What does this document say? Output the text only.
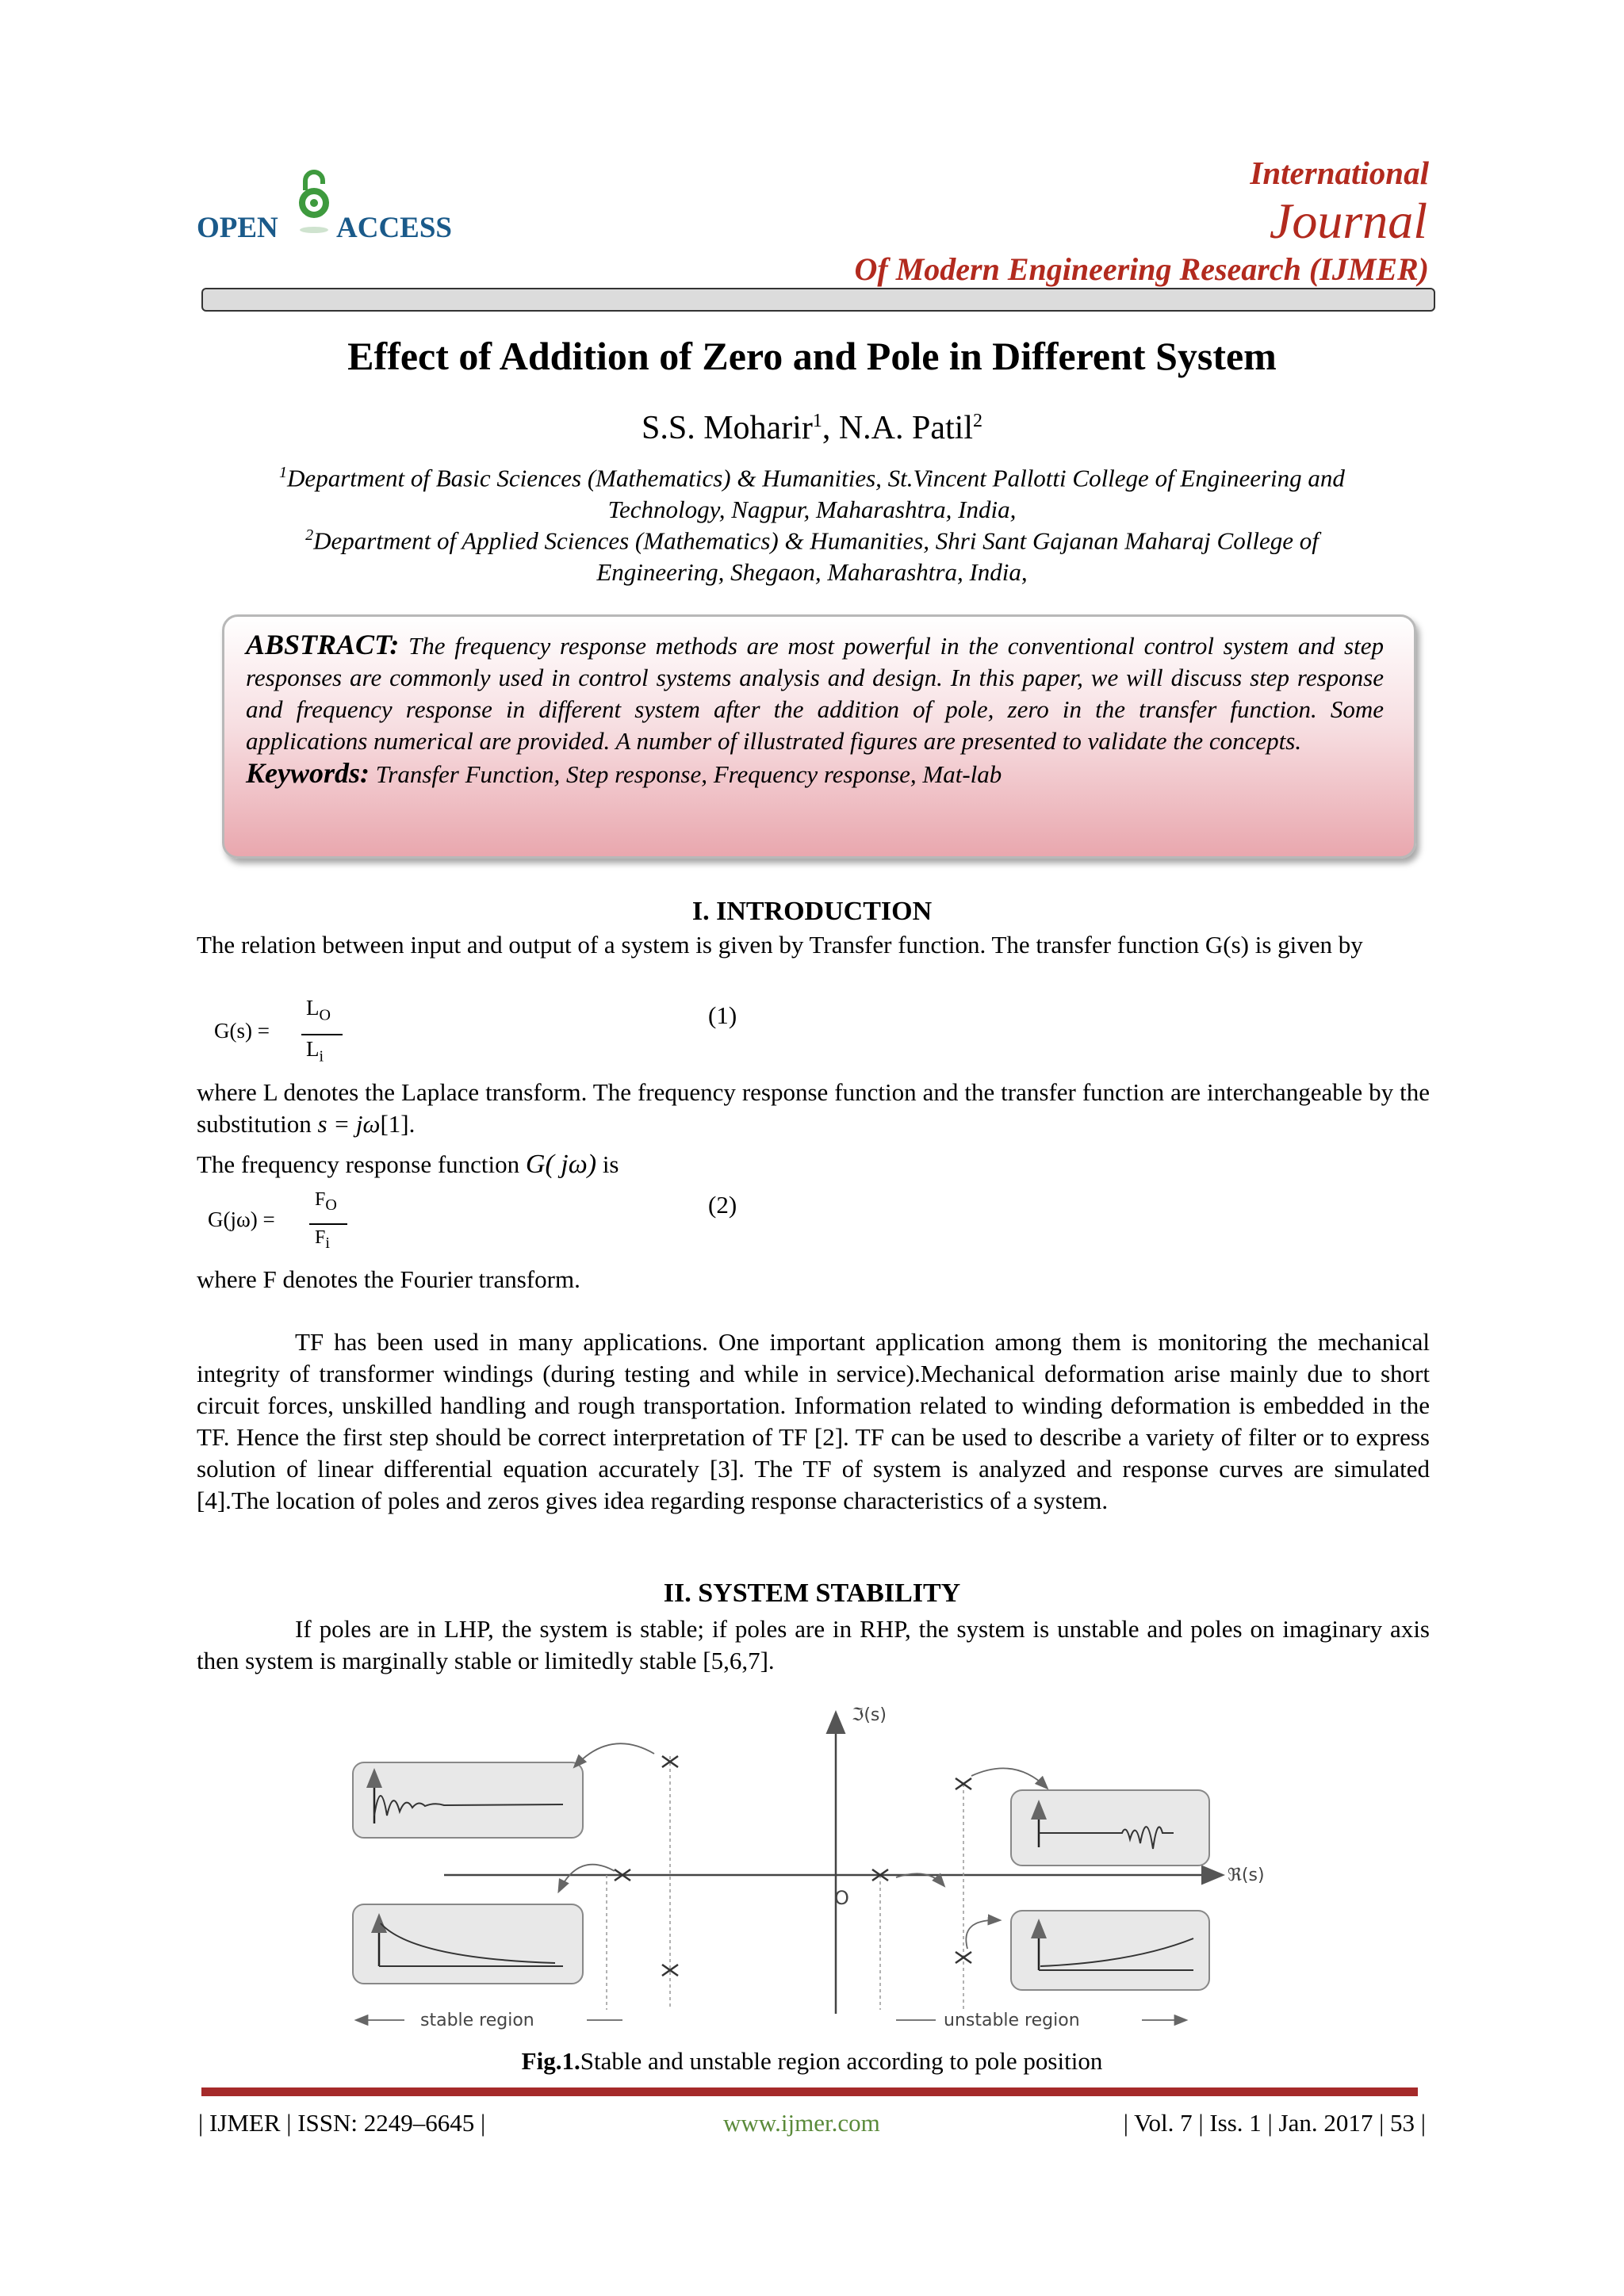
OPEN ACCESS
International
Journal
Of Modern Engineering Research (IJMER)
Effect of Addition of Zero and Pole in Different System
S.S. Moharir$^1$, N.A. Patil$^2$
$^1$Department of Basic Sciences (Mathematics) & Humanities, St.Vincent Pallotti College of Engineering and
Technology, Nagpur, Maharashtra, India,
$^2$Department of Applied Sciences (Mathematics) & Humanities, Shri Sant Gajanan Maharaj College of
Engineering, Shegaon, Maharashtra, India,
ABSTRACT: The frequency response methods are most powerful in the conventional control system and step responses are commonly used in control systems analysis and design. In this paper, we will discuss step response and frequency response in different system after the addition of pole, zero in the transfer function. Some applications numerical are provided. A number of illustrated figures are presented to validate the concepts.
Keywords: Transfer Function, Step response, Frequency response, Mat-lab
I. INTRODUCTION
The relation between input and output of a system is given by Transfer function. The transfer function G(s) is given by
G(s) =
$L_O$
$L_i$
(1)
where L denotes the Laplace transform. The frequency response function and the transfer function are interchangeable by the substitution s = jω[1].
The frequency response function G( jω) is
G(jω) =
$F_O$
$F_i$
(2)
where F denotes the Fourier transform.
TF has been used in many applications. One important application among them is monitoring the mechanical integrity of transformer windings (during testing and while in service).Mechanical deformation arise mainly due to short circuit forces, unskilled handling and rough transportation. Information related to winding deformation is embedded in the TF. Hence the first step should be correct interpretation of TF [2]. TF can be used to describe a variety of filter or to express solution of linear differential equation accurately [3]. The TF of system is analyzed and response curves are simulated [4].The location of poles and zeros gives idea regarding response characteristics of a system.
II. SYSTEM STABILITY
If poles are in LHP, the system is stable; if poles are in RHP, the system is unstable and poles on imaginary axis then system is marginally stable or limitedly stable [5,6,7].
ℑ(s)
ℜ(s)
O
stable region	unstable region
Fig.1.Stable and unstable region according to pole position
| IJMER | ISSN: 2249–6645 |	www.ijmer.com	| Vol. 7 | Iss. 1 | Jan. 2017 | 53 |
